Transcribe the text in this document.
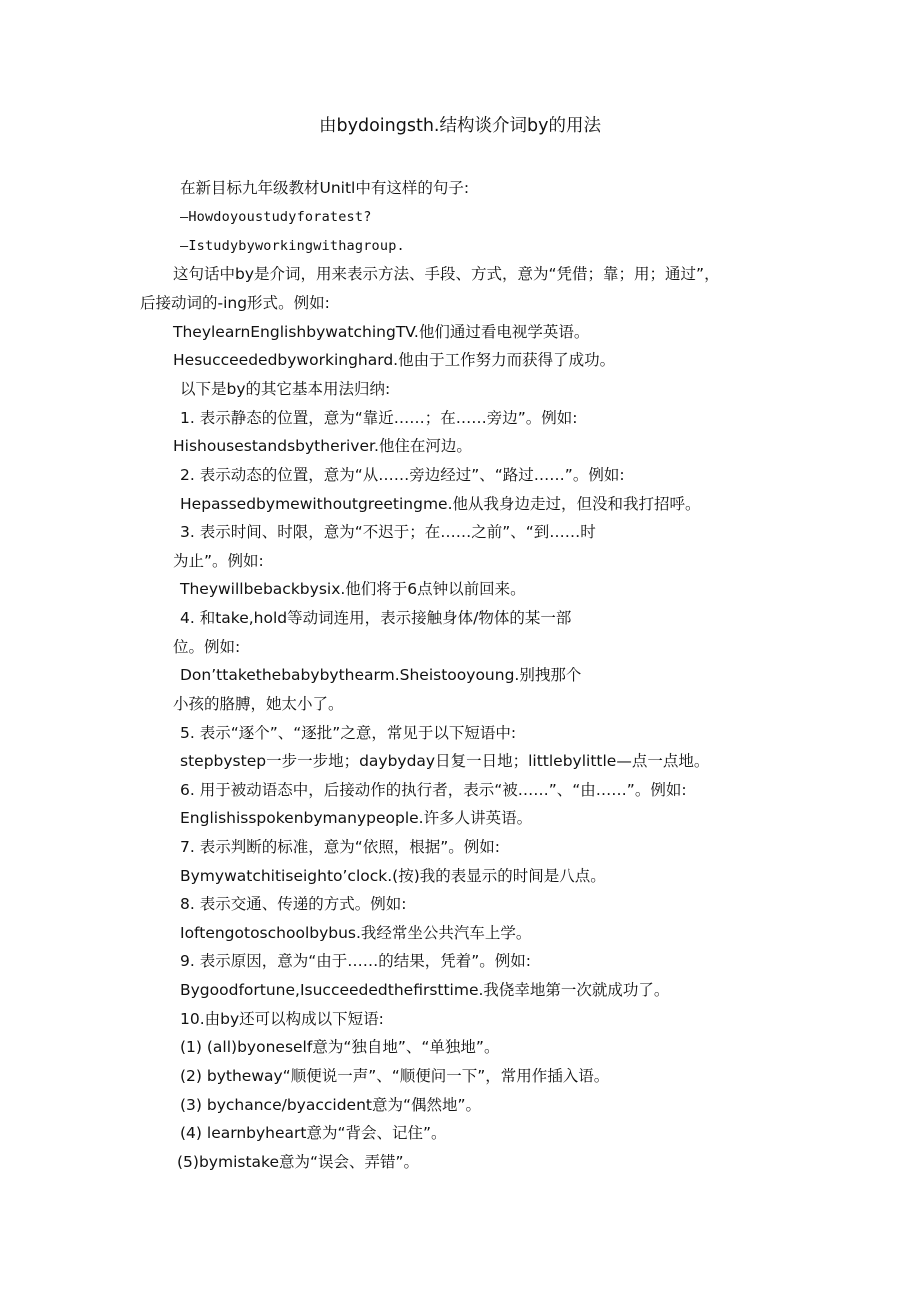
由bydoingsth.结构谈介词by的用法
在新目标九年级教材Unitl中有这样的句子:
—Howdoyoustudyforatest?
—Istudybyworkingwithagroup.
这句话中by是介词，用来表示方法、手段、方式，意为“凭借；靠；用；通过”，
后接动词的-ing形式。例如:
TheylearnEnglishbywatchingTV.他们通过看电视学英语。
Hesucceededbyworkinghard.他由于工作努力而获得了成功。
以下是by的其它基本用法归纳:
1. 表示静态的位置，意为“靠近……；在……旁边”。例如:
Hishousestandsbytheriver.他住在河边。
2. 表示动态的位置，意为“从……旁边经过”、“路过……”。例如:
Hepassedbymewithoutgreetingme.他从我身边走过，但没和我打招呼。
3. 表示时间、时限，意为“不迟于；在……之前”、“到……时
为止”。例如:
Theywillbebackbysix.他们将于6点钟以前回来。
4. 和take,hold等动词连用，表示接触身体/物体的某一部
位。例如:
Don’ttakethebabybythearm.Sheistooyoung.别拽那个
小孩的胳膊，她太小了。
5. 表示“逐个”、“逐批”之意，常见于以下短语中:
stepbystep一步一步地；daybyday日复一日地；littlebylittle—点一点地。
6. 用于被动语态中，后接动作的执行者，表示“被……”、“由……”。例如:
Englishisspokenbymanypeople.许多人讲英语。
7. 表示判断的标准，意为“依照，根据”。例如:
Bymywatchitiseighto’clock.(按)我的表显示的时间是八点。
8. 表示交通、传递的方式。例如:
Ioftengotoschoolbybus.我经常坐公共汽车上学。
9. 表示原因，意为“由于……的结果，凭着”。例如:
Bygoodfortune,Isucceededthefirsttime.我侥幸地第一次就成功了。
10.由by还可以构成以下短语:
(1) (all)byoneself意为“独自地”、“单独地”。
(2) bytheway“顺便说一声”、“顺便问一下”，常用作插入语。
(3) bychance/byaccident意为“偶然地”。
(4) learnbyheart意为“背会、记住”。
(5)bymistake意为“误会、弄错”。
